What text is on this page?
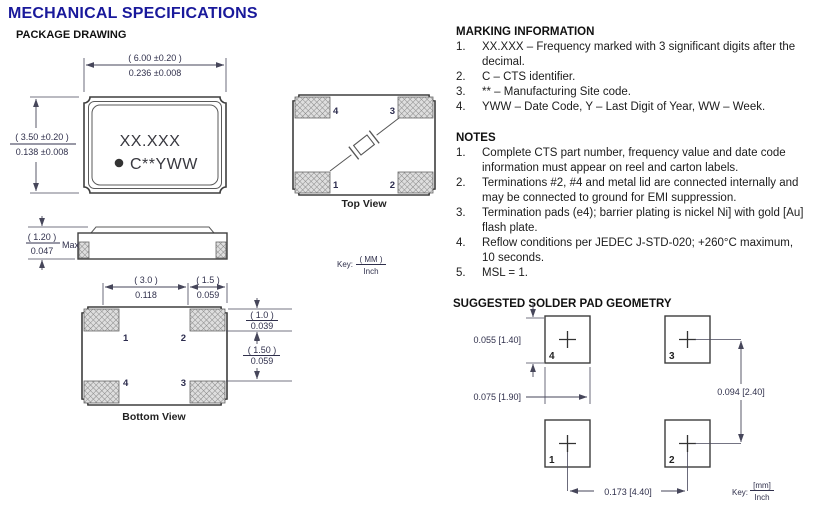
MECHANICAL SPECIFICATIONS
PACKAGE DRAWING	MARKING INFORMATION
1.	XX.XXX – Frequency marked with 3 significant digits after the decimal.
2.	C – CTS identifier.
3.	** – Manufacturing Site code.
4.	YWW – Date Code, Y – Last Digit of Year, WW – Week.
NOTES
1.	Complete CTS part number, frequency value and date code information must appear on reel and carton labels.
2.	Terminations #2, #4 and metal lid are connected internally and may be connected to ground for EMI suppression.
3.	Termination pads (e4); barrier plating is nickel Ni] with gold [Au] flash plate.
4.	Reflow conditions per JEDEC J-STD-020; +260°C maximum, 10 seconds.
5.	MSL = 1.
SUGGESTED SOLDER PAD GEOMETRY
XX.XXX
C**YWW
( 6.00 ±0.20 )
0.236 ±0.008
( 3.50 ±0.20 )
0.138 ±0.008
( 1.20 )
0.047
Max
1	2
4	3
Bottom View
( 3.0 )
0.118
( 1.5 )
0.059
( 1.0 )
0.039
( 1.50 )
0.059
4	3
1	2
Top View
Key:
( MM )
Inch
4	3
1	2
0.055 [1.40]
0.075 [1.90]	0.094 [2.40]
0.173 [4.40]	Key:
[mm]
Inch
